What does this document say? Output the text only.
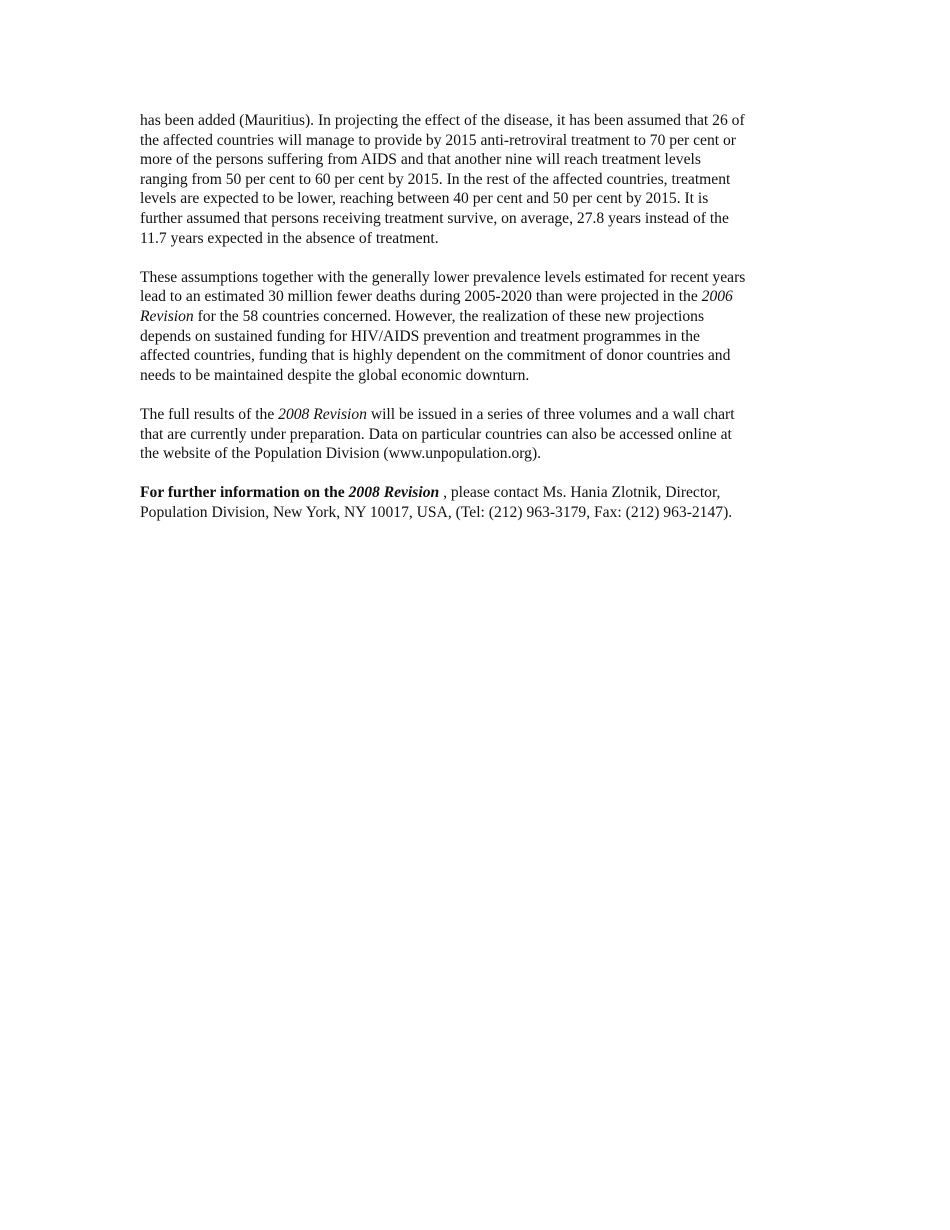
has been added (Mauritius). In projecting the effect of the disease, it has been assumed that 26 of
the affected countries will manage to provide by 2015 anti-retroviral treatment to 70 per cent or
more of the persons suffering from AIDS and that another nine will reach treatment levels
ranging from 50 per cent to 60 per cent by 2015. In the rest of the affected countries, treatment
levels are expected to be lower, reaching between 40 per cent and 50 per cent by 2015. It is
further assumed that persons receiving treatment survive, on average, 27.8 years instead of the
11.7 years expected in the absence of treatment.

These assumptions together with the generally lower prevalence levels estimated for recent years
lead to an estimated 30 million fewer deaths during 2005-2020 than were projected in the 2006
Revision for the 58 countries concerned. However, the realization of these new projections
depends on sustained funding for HIV/AIDS prevention and treatment programmes in the
affected countries, funding that is highly dependent on the commitment of donor countries and
needs to be maintained despite the global economic downturn.

The full results of the 2008 Revision will be issued in a series of three volumes and a wall chart
that are currently under preparation. Data on particular countries can also be accessed online at
the website of the Population Division (www.unpopulation.org).

For further information on the 2008 Revision , please contact Ms. Hania Zlotnik, Director,
Population Division, New York, NY 10017, USA, (Tel: (212) 963-3179, Fax: (212) 963-2147).
